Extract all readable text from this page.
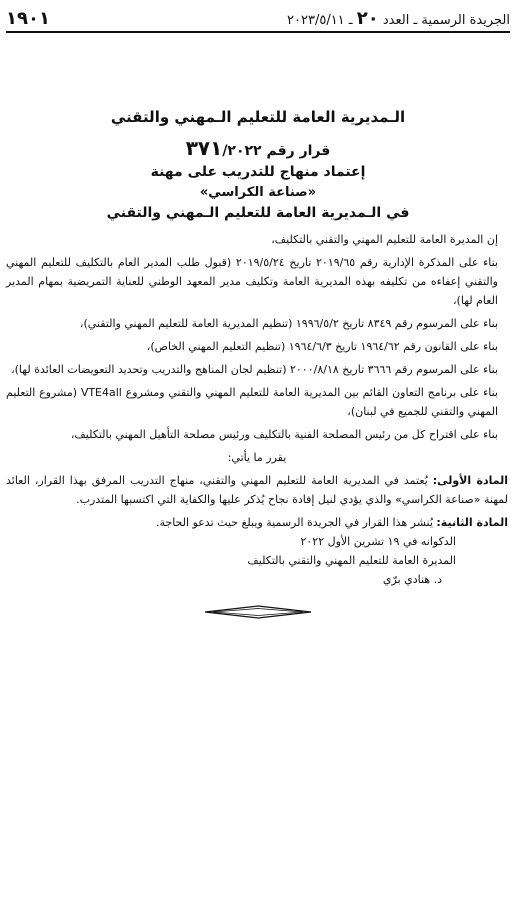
الجريدة الرسمية ـ العدد ٢٠ ـ ٢٠٢٣/٥/١١
١٩٠١
الـمديرية العامة للتعليم الـمهني والتقني
قرار رقم ٣٧١/٢٠٢٢
إعتماد منهاج للتدريب على مهنة
«صناعة الكراسي»
في الـمديرية العامة للتعليم الـمهني والتقني

إن المديرة العامة للتعليم المهني والتقني بالتكليف،

بناء على المذكرة الإدارية رقم ٢٠١٩/٦٥ تاريخ ٢٠١٩/٥/٢٤ (قبول طلب المدير العام بالتكليف للتعليم المهني والتقني إعفاءه من تكليفه بهذه المديرية العامة وتكليف مدير المعهد الوطني للعناية التمريضية بمهام المدير العام لها)،

بناء على المرسوم رقم ٨٣٤٩ تاريخ ١٩٩٦/٥/٢ (تنظيم المديرية العامة للتعليم المهني والتقني)،

بناء على القانون رقم ١٩٦٤/٦٢ تاريخ ١٩٦٤/٦/٣ (تنظيم التعليم المهني الخاص)،

بناء على المرسوم رقم ٣٦٦٦ تاريخ ٢٠٠٠/٨/١٨ (تنظيم لجان المناهج والتدريب وتحديد التعويضات العائدة لها)،

بناء على برنامج التعاون القائم بين المديرية العامة للتعليم المهني والتقني ومشروع VTE4all (مشروع التعليم المهني والتقني للجميع في لبنان)،

بناء على اقتراح كل من رئيس المصلحة الفنية بالتكليف ورئيس مصلحة التأهيل المهني بالتكليف،

يقرر ما يأتي:

المادة الأولى: يُعتمد في المديرية العامة للتعليم المهني والتقني، منهاج التدريب المرفق بهذا القرار، العائد لمهنة «صناعة الكراسي» والذي يؤدي لنيل إفادة نجاح يُذكر عليها والكفاية التي اكتسبها المتدرب.

المادة الثانية: يُنشر هذا القرار في الجريدة الرسمية ويبلغ حيث تدعو الحاجة.

الدكوانه في ١٩ تشرين الأول ٢٠٢٢
المديرة العامة للتعليم المهني والتقني بالتكليف
د. هنادي برّي
